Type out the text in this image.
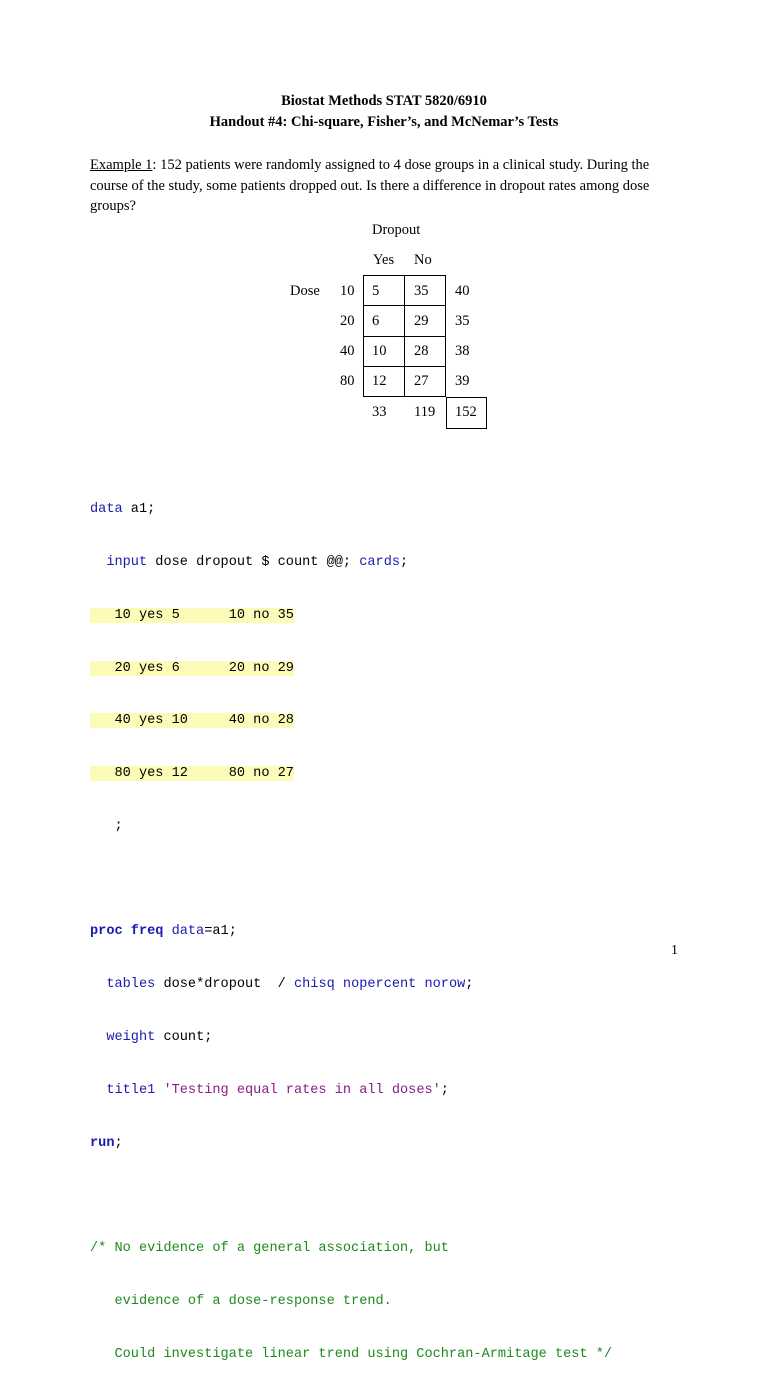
Biostat Methods STAT 5820/6910
Handout #4: Chi-square, Fisher’s, and McNemar’s Tests
Example 1: 152 patients were randomly assigned to 4 dose groups in a clinical study. During the
course of the study, some patients dropped out. Is there a difference in dropout rates among dose
groups?
Dropout
Yes No
Dose 10 5 35 40
20 6 29 35
40 10 28 38
80 12 27 39
33 119 152

data a1;

input dose dropout $ count @@; cards;

10 yes 5      10 no 35

20 yes 6      20 no 29

40 yes 10     40 no 28

80 yes 12     80 no 27

;

proc freq data=a1;

tables dose*dropout  / chisq nopercent norow;

weight count;

title1 'Testing equal rates in all doses';

run;

/* No evidence of a general association, but

evidence of a dose-response trend.

Could investigate linear trend using Cochran-Armitage test */

1
